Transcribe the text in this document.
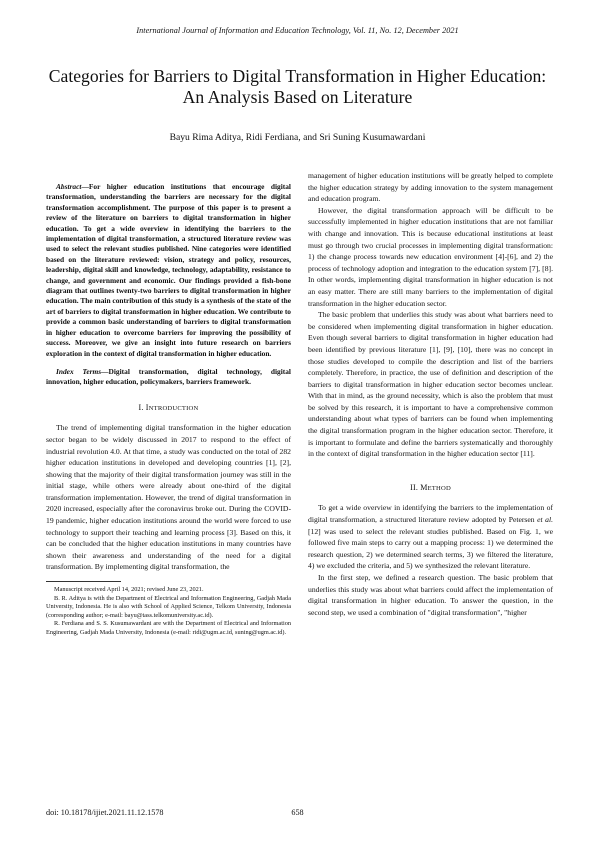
International Journal of Information and Education Technology, Vol. 11, No. 12, December 2021
Categories for Barriers to Digital Transformation in Higher Education: An Analysis Based on Literature
Bayu Rima Aditya, Ridi Ferdiana, and Sri Suning Kusumawardani

Abstract—For higher education institutions that encourage digital transformation, understanding the barriers are necessary for the digital transformation accomplishment. The purpose of this paper is to present a review of the literature on barriers to digital transformation in higher education. To get a wide overview in identifying the barriers to the implementation of digital transformation, a structured literature review was used to select the relevant studies published. Nine categories were identified based on the literature reviewed: vision, strategy and policy, resources, leadership, digital skill and knowledge, technology, adaptability, resistance to change, and government and economic. Our findings provided a fish-bone diagram that outlines twenty-two barriers to digital transformation in higher education. The main contribution of this study is a synthesis of the state of the art of barriers to digital transformation in higher education. We contribute to provide a common basic understanding of barriers to digital transformation in higher education to overcome barriers for improving the possibility of success. Moreover, we give an insight into future research on barriers exploration in the context of digital transformation in higher education.

Index Terms—Digital transformation, digital technology, digital innovation, higher education, policymakers, barriers framework.

I. INTRODUCTION

The trend of implementing digital transformation in the higher education sector began to be widely discussed in 2017 to respond to the effect of industrial revolution 4.0. At that time, a study was conducted on the total of 282 higher education institutions in developed and developing countries [1], [2], showing that the majority of their digital transformation journey was still in the initial stage, while others were already about one-third of the digital transformation implementation. However, the trend of digital transformation in 2020 increased, especially after the coronavirus broke out. During the COVID-19 pandemic, higher education institutions around the world were forced to use technology to support their teaching and learning process [3]. Based on this, it can be concluded that the higher education institutions in many countries have shown their awareness and understanding of the need for a digital transformation. By implementing digital transformation, the

Manuscript received April 14, 2021; revised June 23, 2021.

B. R. Aditya is with the Department of Electrical and Information Engineering, Gadjah Mada University, Indonesia. He is also with School of Applied Science, Telkom University, Indonesia (corresponding author; e-mail: bayu@tass.telkomuniversity.ac.id).

R. Ferdiana and S. S. Kusumawardani are with the Department of Electrical and Information Engineering, Gadjah Mada University, Indonesia (e-mail: ridi@ugm.ac.id, suning@ugm.ac.id).

management of higher education institutions will be greatly helped to complete the higher education strategy by adding innovation to the system management and education program.

However, the digital transformation approach will be difficult to be successfully implemented in higher education institutions that are not familiar with change and innovation. This is because educational institutions at least must go through two crucial processes in implementing digital transformation: 1) the change process towards new education environment [4]-[6], and 2) the process of technology adoption and integration to the education system [7], [8]. In other words, implementing digital transformation in higher education is not an easy matter. There are still many barriers to the implementation of digital transformation in the higher education sector.

The basic problem that underlies this study was about what barriers need to be considered when implementing digital transformation in higher education. Even though several barriers to digital transformation in higher education had been identified by previous literature [1], [9], [10], there was no concept in those studies developed to compile the description and list of the barriers completely. Therefore, in practice, the use of definition and description of the barriers to digital transformation in higher education sector becomes unclear. With that in mind, as the ground necessity, which is also the problem that must be solved by this research, it is important to have a comprehensive common understanding about what types of barriers can be found when implementing the digital transformation program in the higher education sector. Therefore, it is important to formulate and define the barriers systematically and thoroughly in the context of digital transformation in the higher education sector [11].

II. METHOD

To get a wide overview in identifying the barriers to the implementation of digital transformation, a structured literature review adopted by Petersen et al. [12] was used to select the relevant studies published. Based on Fig. 1, we followed five main steps to carry out a mapping process: 1) we determined the research question, 2) we determined search terms, 3) we filtered the literature, 4) we excluded the criteria, and 5) we synthesized the relevant literature.

In the first step, we defined a research question. The basic problem that underlies this study was about what barriers could affect the implementation of digital transformation in higher education. To answer the question, in the second step, we used a combination of "digital transformation", "higher

doi: 10.18178/ijiet.2021.11.12.1578	658
